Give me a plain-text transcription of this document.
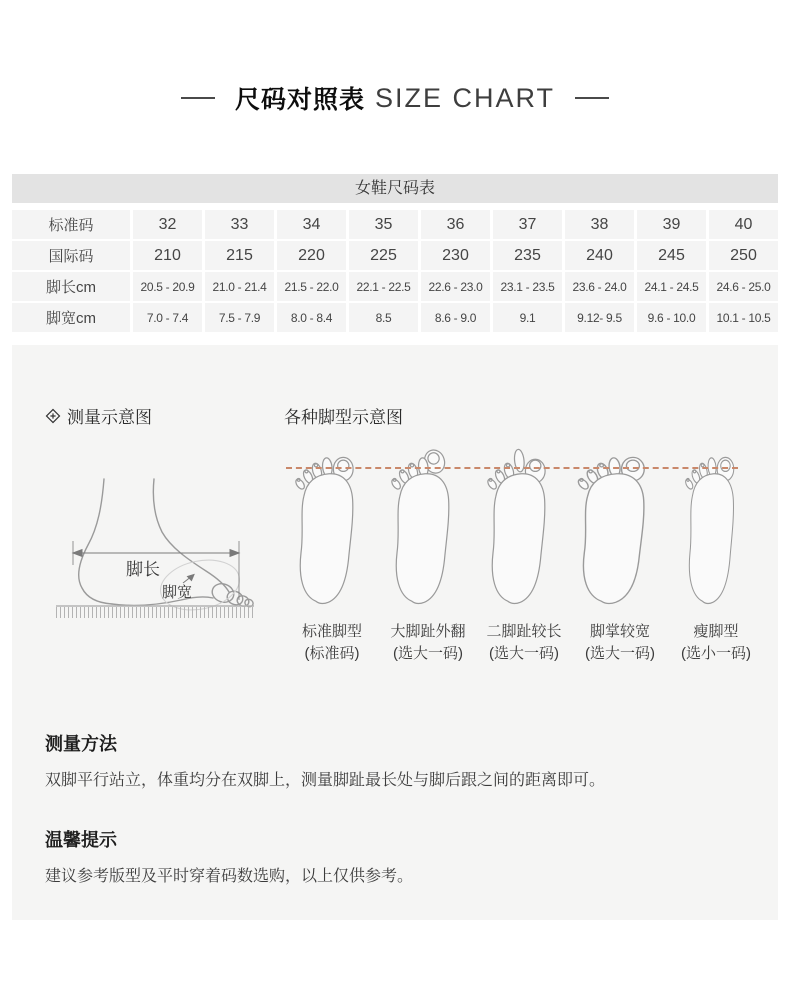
尺码对照表 SIZE CHART
女鞋尺码表
标准码	32	33	34	35	36	37	38	39	40
国际码	210	215	220	225	230	235	240	245	250
脚长cm	20.5 - 20.9	21.0 - 21.4	21.5 - 22.0	22.1 - 22.5	22.6 - 23.0	23.1 - 23.5	23.6 - 24.0	24.1 - 24.5	24.6 - 25.0
脚宽cm	7.0 - 7.4	7.5 - 7.9	8.0 - 8.4	8.5	8.6 - 9.0	9.1	9.12- 9.5	9.6 - 10.0	10.1 - 10.5
测量示意图	各种脚型示意图
脚长
脚宽
标准脚型
(标准码)
大脚趾外翻
(选大一码)
二脚趾较长
(选大一码)
脚掌较宽
(选大一码)
瘦脚型
(选小一码)
测量方法

双脚平行站立，体重均分在双脚上，测量脚趾最长处与脚后跟之间的距离即可。

温馨提示

建议参考版型及平时穿着码数选购，以上仅供参考。
